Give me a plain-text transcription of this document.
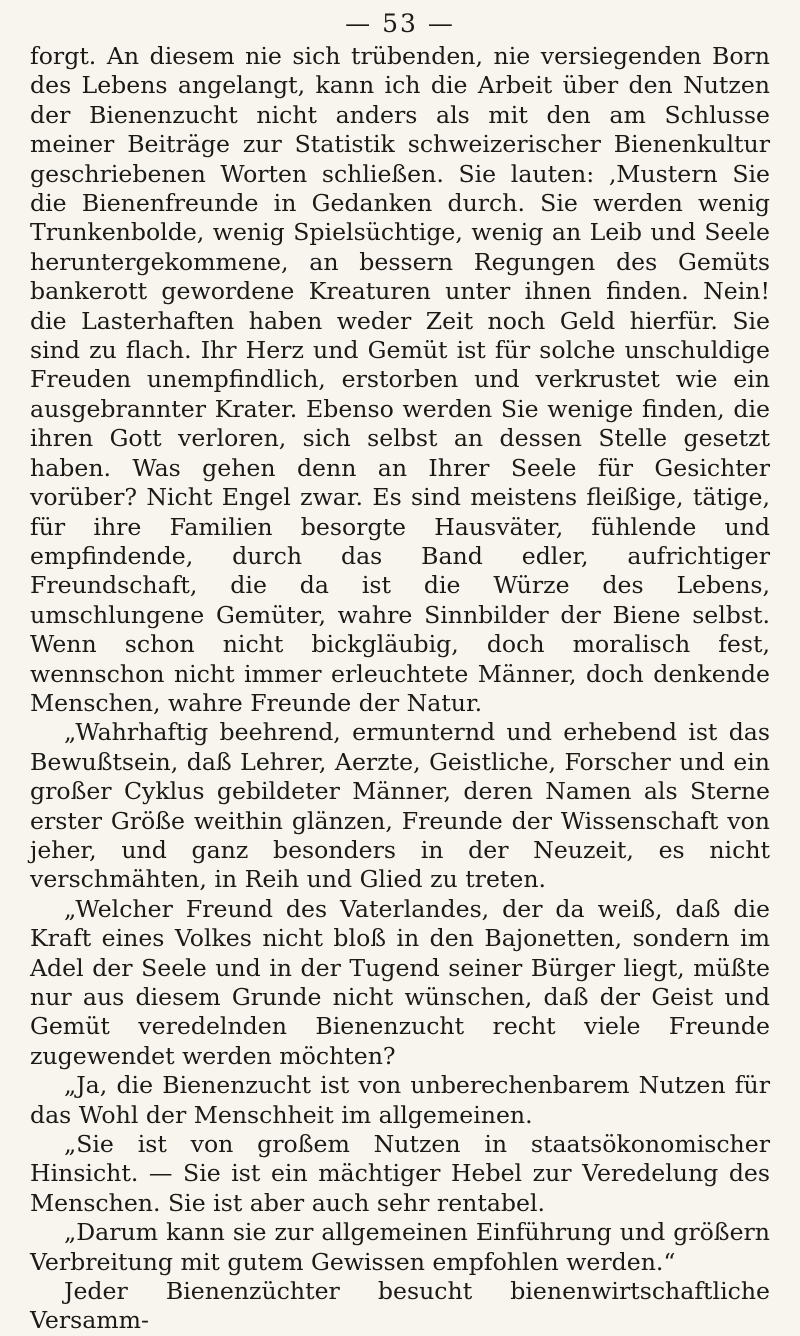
— 53 —

forgt. An diesem nie sich trübenden, nie versiegenden Born des Lebens angelangt, kann ich die Arbeit über den Nutzen der Bienenzucht nicht anders als mit den am Schlusse meiner Beiträge zur Statistik schweizerischer Bienenkultur geschriebenen Worten schließen. Sie lauten: ‚Mustern Sie die Bienenfreunde in Gedanken durch. Sie werden wenig Trunkenbolde, wenig Spielsüchtige, wenig an Leib und Seele heruntergekommene, an bessern Regungen des Gemüts bankerott gewordene Kreaturen unter ihnen finden. Nein! die Lasterhaften haben weder Zeit noch Geld hierfür. Sie sind zu flach. Ihr Herz und Gemüt ist für solche unschuldige Freuden unempfindlich, erstorben und verkrustet wie ein ausgebrannter Krater. Ebenso werden Sie wenige finden, die ihren Gott verloren, sich selbst an dessen Stelle gesetzt haben. Was gehen denn an Ihrer Seele für Gesichter vorüber? Nicht Engel zwar. Es sind meistens fleißige, tätige, für ihre Familien besorgte Hausväter, fühlende und empfindende, durch das Band edler, aufrichtiger Freundschaft, die da ist die Würze des Lebens, umschlungene Gemüter, wahre Sinnbilder der Biene selbst. Wenn schon nicht bickgläubig, doch moralisch fest, wennschon nicht immer erleuchtete Männer, doch denkende Menschen, wahre Freunde der Natur.

„Wahrhaftig beehrend, ermunternd und erhebend ist das Bewußtsein, daß Lehrer, Aerzte, Geistliche, Forscher und ein großer Cyklus gebildeter Männer, deren Namen als Sterne erster Größe weithin glänzen, Freunde der Wissenschaft von jeher, und ganz besonders in der Neuzeit, es nicht verschmähten, in Reih und Glied zu treten.

„Welcher Freund des Vaterlandes, der da weiß, daß die Kraft eines Volkes nicht bloß in den Bajonetten, sondern im Adel der Seele und in der Tugend seiner Bürger liegt, müßte nur aus diesem Grunde nicht wünschen, daß der Geist und Gemüt veredelnden Bienenzucht recht viele Freunde zugewendet werden möchten?

„Ja, die Bienenzucht ist von unberechenbarem Nutzen für das Wohl der Menschheit im allgemeinen.

„Sie ist von großem Nutzen in staatsökonomischer Hinsicht. — Sie ist ein mächtiger Hebel zur Veredelung des Menschen. Sie ist aber auch sehr rentabel.

„Darum kann sie zur allgemeinen Einführung und größern Verbreitung mit gutem Gewissen empfohlen werden.“

Jeder Bienenzüchter besucht bienenwirtschaftliche Versamm-
